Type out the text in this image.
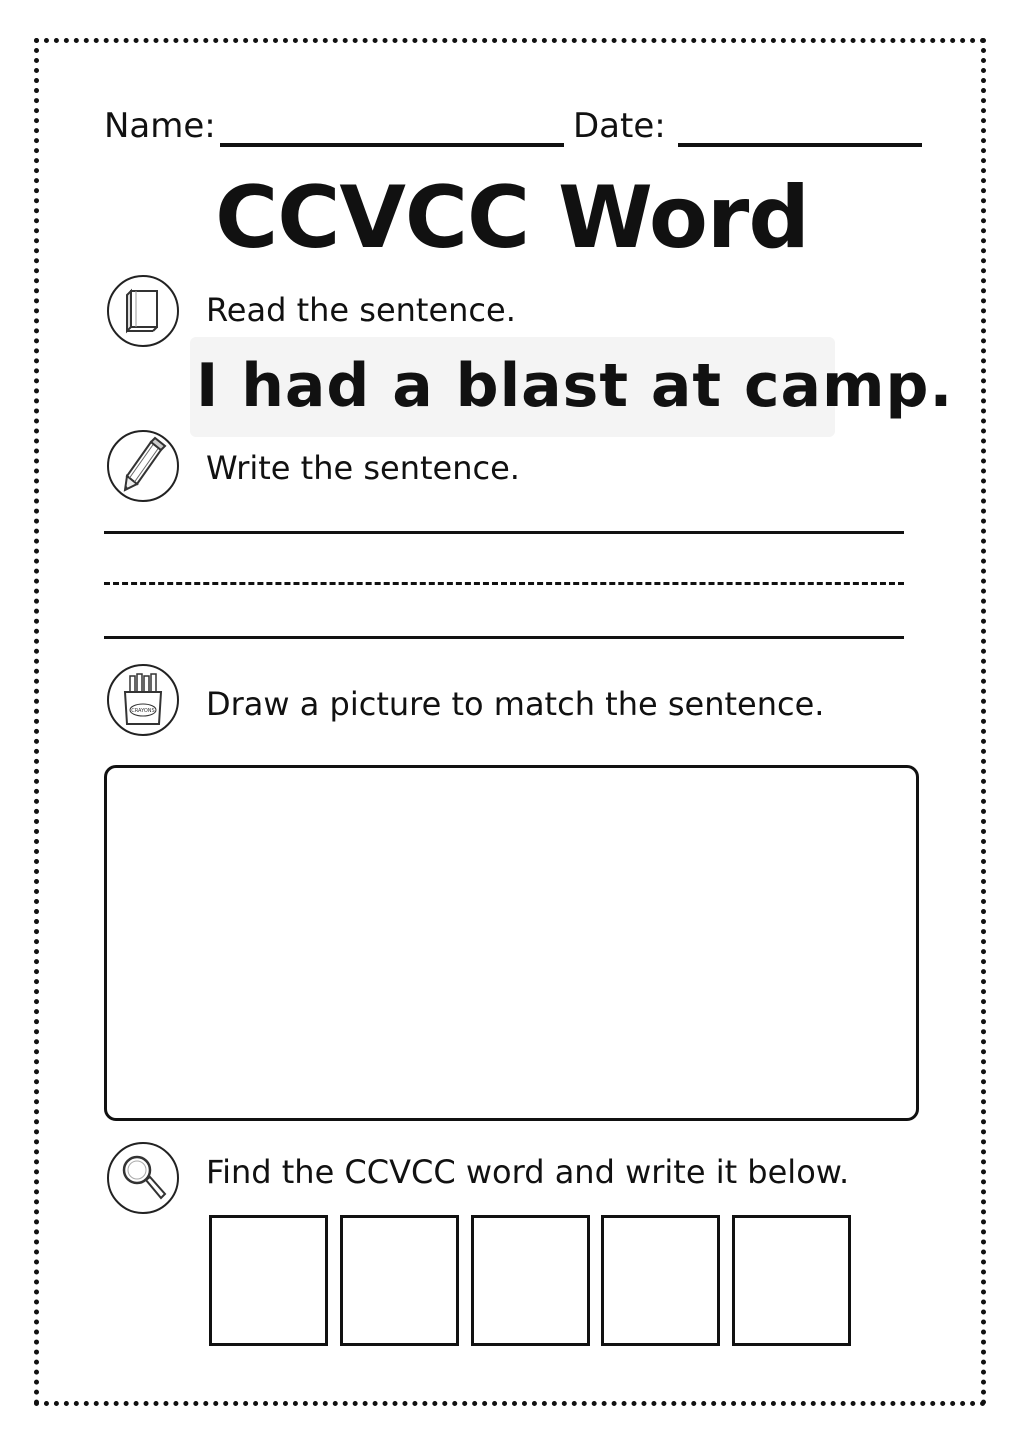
Name:	Date:
CCVCC Word
Read the sentence.
I had a blast at camp.
Write the sentence.
CRAYONS Draw a picture to match the sentence.
Find the CCVCC word and write it below.
